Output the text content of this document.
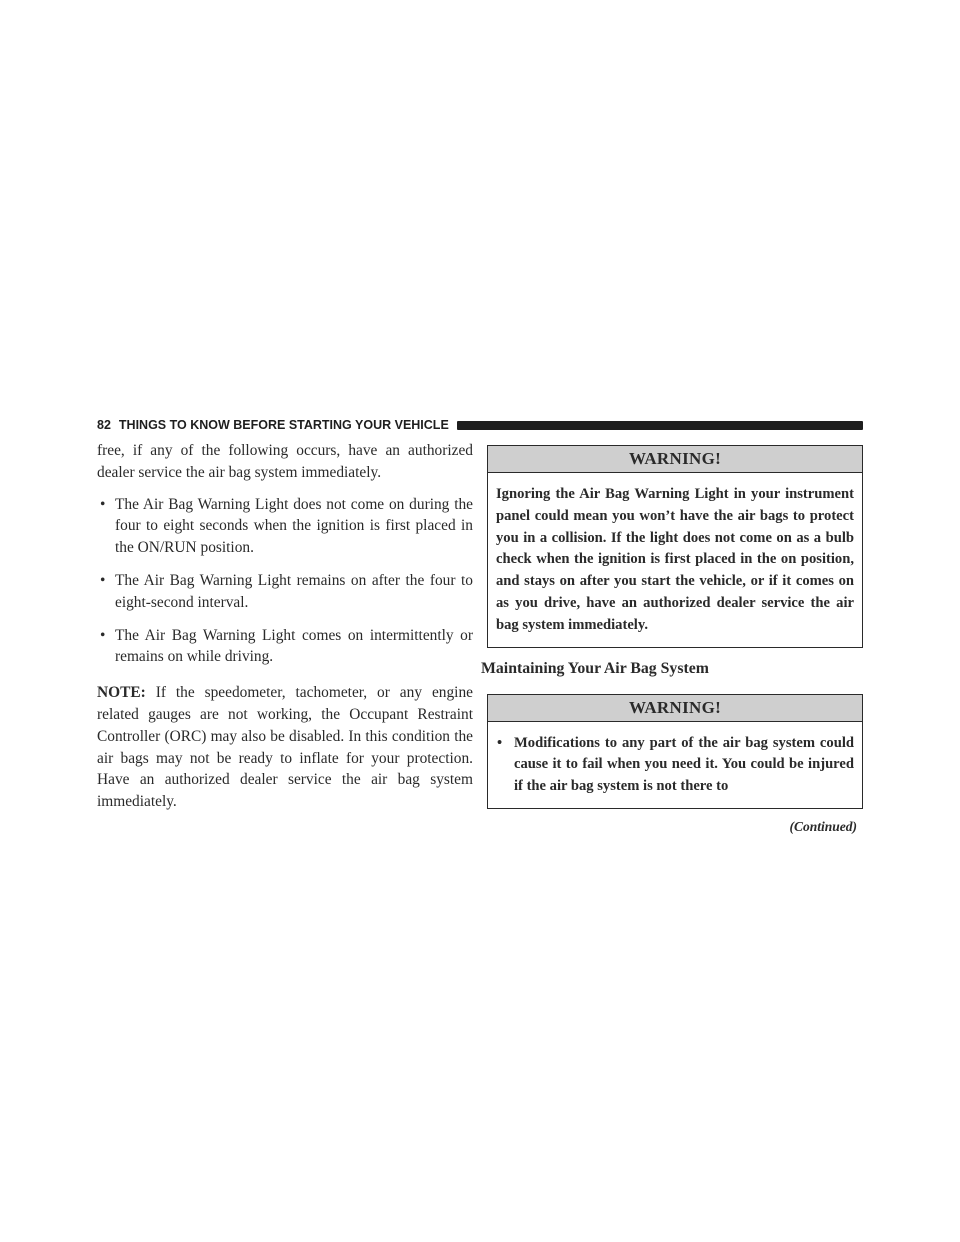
82 THINGS TO KNOW BEFORE STARTING YOUR VEHICLE

free, if any of the following occurs, have an authorized dealer service the air bag system immediately.

• The Air Bag Warning Light does not come on during the four to eight seconds when the ignition is first placed in the ON/RUN position.
• The Air Bag Warning Light remains on after the four to eight-second interval.
• The Air Bag Warning Light comes on intermittently or remains on while driving.

NOTE: If the speedometer, tachometer, or any engine related gauges are not working, the Occupant Restraint Controller (ORC) may also be disabled. In this condition the air bags may not be ready to inflate for your protection. Have an authorized dealer service the air bag system immediately.

WARNING!
Ignoring the Air Bag Warning Light in your instrument panel could mean you won’t have the air bags to protect you in a collision. If the light does not come on as a bulb check when the ignition is first placed in the on position, and stays on after you start the vehicle, or if it comes on as you drive, have an authorized dealer service the air bag system immediately.
Maintaining Your Air Bag System
WARNING!
• Modifications to any part of the air bag system could cause it to fail when you need it. You could be injured if the air bag system is not there to
(Continued)
